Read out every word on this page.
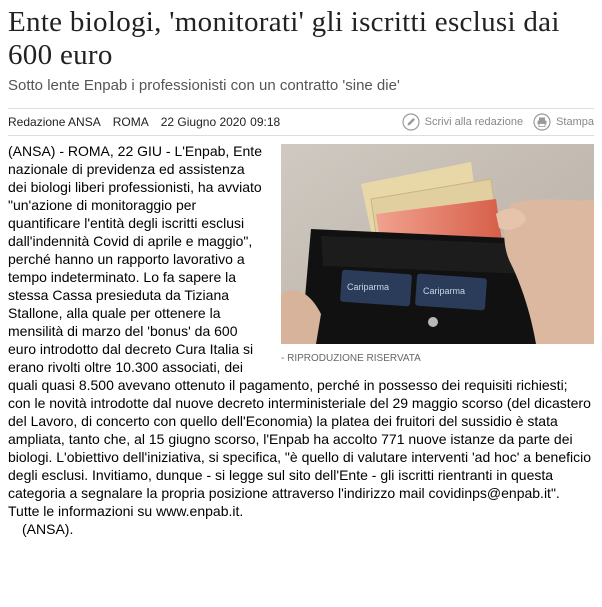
Ente biologi, 'monitorati' gli iscritti esclusi dai 600 euro
Sotto lente Enpab i professionisti con un contratto 'sine die'
Redazione ANSA ROMA 22 Giugno 2020 09:18	Scrivi alla redazione	Stampa
Cariparma	Cariparma
- RIPRODUZIONE RISERVATA

(ANSA) - ROMA, 22 GIU - L'Enpab, Ente nazionale di previdenza ed assistenza dei biologi liberi professionisti, ha avviato "un'azione di monitoraggio per quantificare l'entità degli iscritti esclusi dall'indennità Covid di aprile e maggio", perché hanno un rapporto lavorativo a tempo indeterminato. Lo fa sapere la stessa Cassa presieduta da Tiziana Stallone, alla quale per ottenere la mensilità di marzo del 'bonus' da 600 euro introdotto dal decreto Cura Italia si erano rivolti oltre 10.300 associati, dei quali quasi 8.500 avevano ottenuto il pagamento, perché in possesso dei requisiti richiesti; con le novità introdotte dal nuove decreto interministeriale del 29 maggio scorso (del dicastero del Lavoro, di concerto con quello dell'Economia) la platea dei fruitori del sussidio è stata ampliata, tanto che, al 15 giugno scorso, l'Enpab ha accolto 771 nuove istanze da parte dei biologi. L'obiettivo dell'iniziativa, si specifica, "è quello di valutare interventi 'ad hoc' a beneficio degli esclusi. Invitiamo, dunque - si legge sul sito dell'Ente - gli iscritti rientranti in questa categoria a segnalare la propria posizione attraverso l'indirizzo mail covidinps@enpab.it". Tutte le informazioni su www.enpab.it.

(ANSA).
